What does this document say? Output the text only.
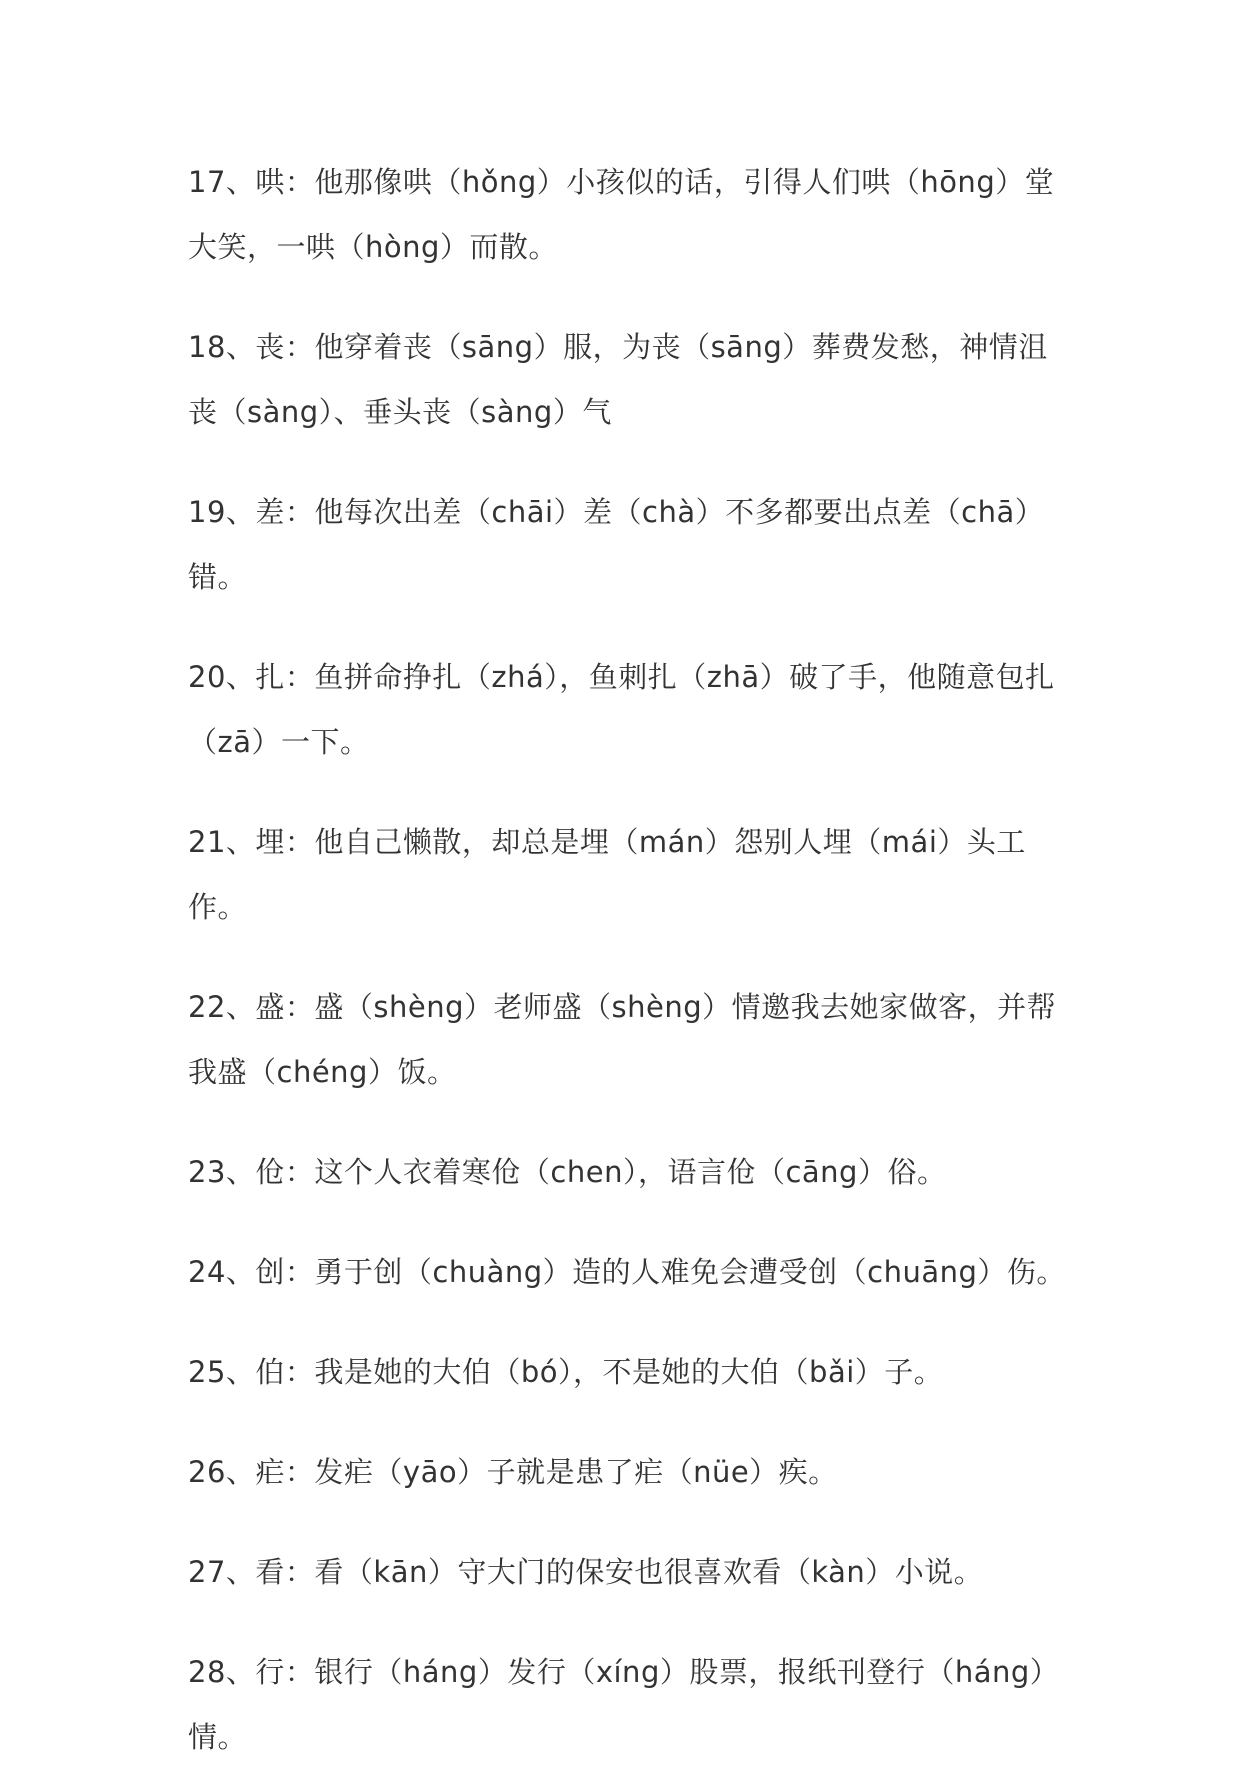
17、哄：他那像哄（hǒng）小孩似的话，引得人们哄（hōng）堂大笑，一哄（hòng）而散。
18、丧：他穿着丧（sāng）服，为丧（sāng）葬费发愁，神情沮丧（sàng）、垂头丧（sàng）气
19、差：他每次出差（chāi）差（chà）不多都要出点差（chā）错。
20、扎：鱼拼命挣扎（zhá），鱼刺扎（zhā）破了手，他随意包扎（zā）一下。
21、埋：他自己懒散，却总是埋（mán）怨别人埋（mái）头工作。
22、盛：盛（shèng）老师盛（shèng）情邀我去她家做客，并帮我盛（chéng）饭。
23、伧：这个人衣着寒伧（chen），语言伧（cāng）俗。
24、创：勇于创（chuàng）造的人难免会遭受创（chuāng）伤。
25、伯：我是她的大伯（bó），不是她的大伯（bǎi）子。
26、疟：发疟（yāo）子就是患了疟（nüe）疾。
27、看：看（kān）守大门的保安也很喜欢看（kàn）小说。
28、行：银行（háng）发行（xíng）股票，报纸刊登行（háng）情。
